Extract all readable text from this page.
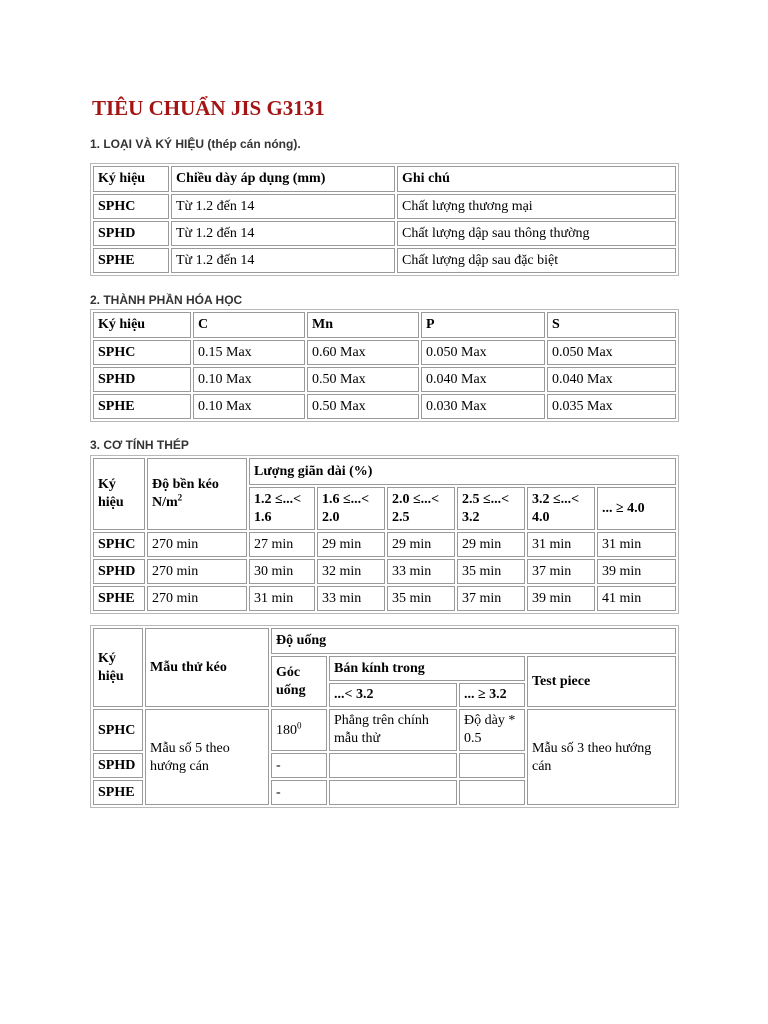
TIÊU CHUẨN JIS G3131

1. LOẠI VÀ KÝ HIỆU (thép cán nóng).

Ký hiệu	Chiều dày áp dụng (mm)	Ghi chú
SPHC	Từ 1.2 đến 14	Chất lượng thương mại
SPHD	Từ 1.2 đến 14	Chất lượng dập sau thông thường
SPHE	Từ 1.2 đến 14	Chất lượng dập sau đặc biệt

2. THÀNH PHẦN HÓA HỌC

Ký hiệu	C	Mn	P	S
SPHC	0.15 Max	0.60 Max	0.050 Max	0.050 Max
SPHD	0.10 Max	0.50 Max	0.040 Max	0.040 Max
SPHE	0.10 Max	0.50 Max	0.030 Max	0.035 Max

3. CƠ TÍNH THÉP

Ký hiệu	Độ bền kéo $N/m^2$	Lượng giãn dài (%)					
		1.2 ≤...< 1.6	1.6 ≤...< 2.0	2.0 ≤...< 2.5	2.5 ≤...< 3.2	3.2 ≤...< 4.0	... ≥ 4.0
SPHC	270 min	27 min	29 min	29 min	29 min	31 min	31 min
SPHD	270 min	30 min	32 min	33 min	35 min	37 min	39 min
SPHE	270 min	31 min	33 min	35 min	37 min	39 min	41 min
Ký hiệu	Mẫu thử kéo	Độ uống			
		Góc uống	Bán kính trong		Test piece
			...< 3.2	... ≥ 3.2	
SPHC	Mẫu số 5 theo hướng cán	$180^0$	Phẳng trên chính mẫu thử	Độ dày * 0.5	Mẫu số 3 theo hướng cán
SPHD		-			
SPHE		-			
